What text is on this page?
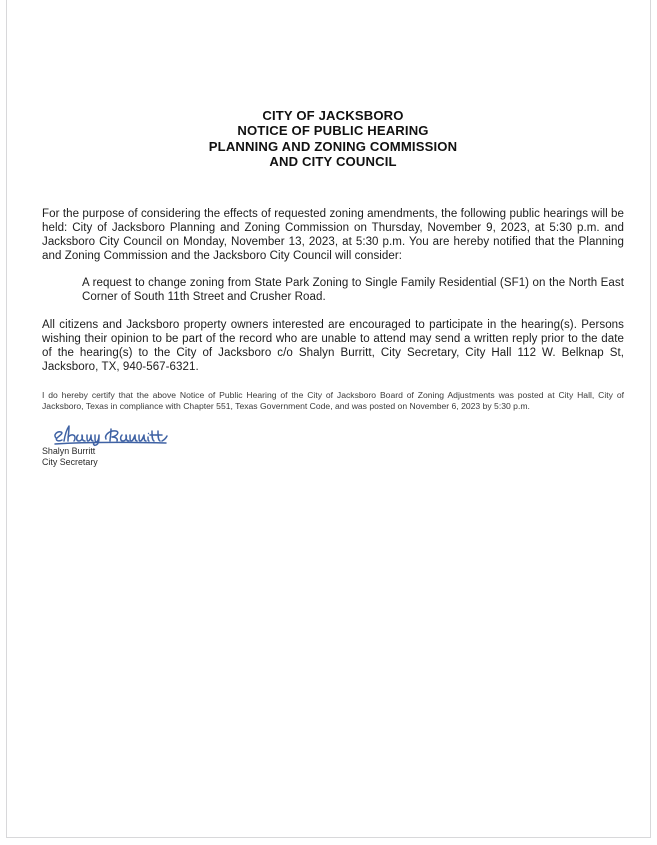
CITY OF JACKSBORO
NOTICE OF PUBLIC HEARING
PLANNING AND ZONING COMMISSION
AND CITY COUNCIL

For the purpose of considering the effects of requested zoning amendments, the following public hearings will be held: City of Jacksboro Planning and Zoning Commission on Thursday, November 9, 2023, at 5:30 p.m. and Jacksboro City Council on Monday, November 13, 2023, at 5:30 p.m. You are hereby notified that the Planning and Zoning Commission and the Jacksboro City Council will consider:

A request to change zoning from State Park Zoning to Single Family Residential (SF1) on the North East Corner of South 11th Street and Crusher Road.

All citizens and Jacksboro property owners interested are encouraged to participate in the hearing(s). Persons wishing their opinion to be part of the record who are unable to attend may send a written reply prior to the date of the hearing(s) to the City of Jacksboro c/o Shalyn Burritt, City Secretary, City Hall 112 W. Belknap St, Jacksboro, TX, 940-567-6321.

I do hereby certify that the above Notice of Public Hearing of the City of Jacksboro Board of Zoning Adjustments was posted at City Hall, City of Jacksboro, Texas in compliance with Chapter 551, Texas Government Code, and was posted on November 6, 2023 by 5:30 p.m.

Shalyn Burritt
City Secretary
